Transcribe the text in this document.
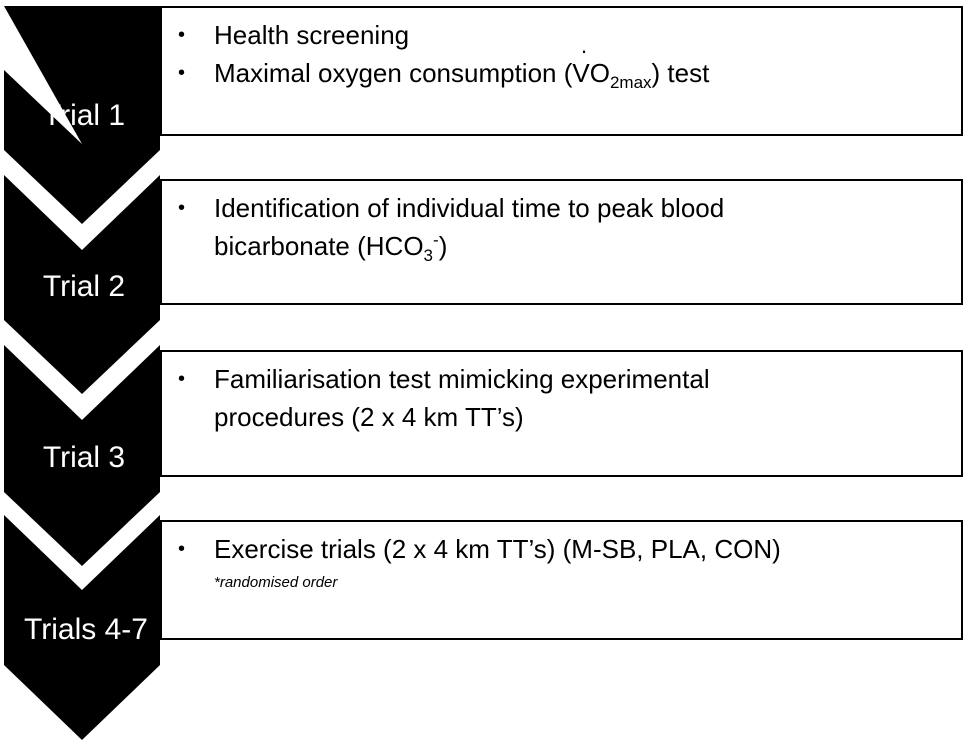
Trial 1
Trial 2
Trial 3
Trials 4-7
• Health screening
• Maximal oxygen consumption (· $VO_{2max}$) test
• Identification of individual time to peak blood
bicarbonate $(HCO_3^-)$
• Familiarisation test mimicking experimental
procedures (2 x 4 km TT’s)
• Exercise trials (2 x 4 km TT’s) (M-SB, PLA, CON)
*randomised order
